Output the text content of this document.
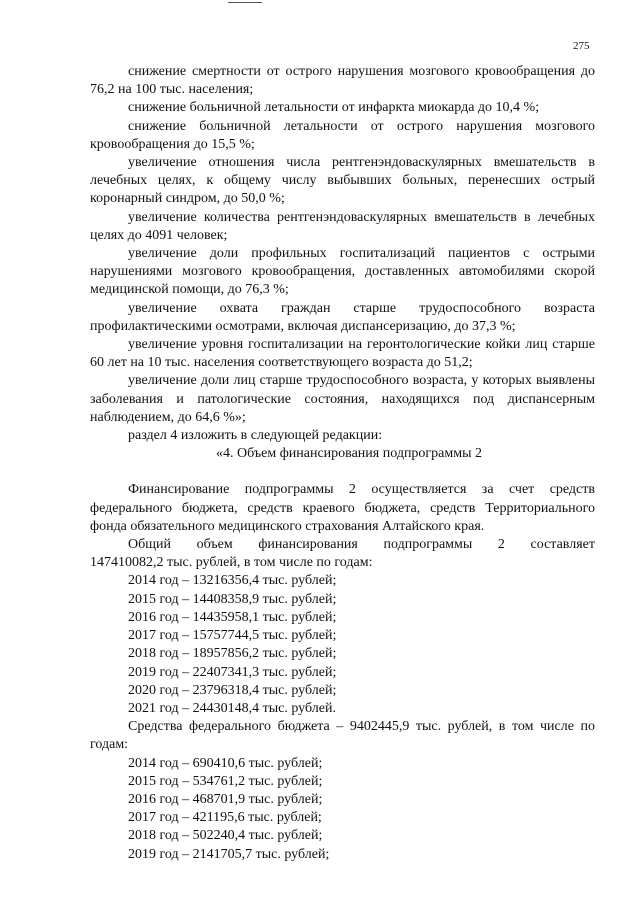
275

снижение смертности от острого нарушения мозгового кровообращения до 76,2 на 100 тыс. населения;

снижение больничной летальности от инфаркта миокарда до 10,4 %;

снижение больничной летальности от острого нарушения мозгового кровообращения до 15,5 %;

увеличение отношения числа рентгенэндоваскулярных вмешательств в лечебных целях, к общему числу выбывших больных, перенесших острый коронарный синдром, до 50,0 %;

увеличение количества рентгенэндоваскулярных вмешательств в лечебных целях до 4091 человек;

увеличение доли профильных госпитализаций пациентов с острыми нарушениями мозгового кровообращения, доставленных автомобилями скорой медицинской помощи, до 76,3 %;

увеличение охвата граждан старше трудоспособного возраста профилактическими осмотрами, включая диспансеризацию, до 37,3 %;

увеличение уровня госпитализации на геронтологические койки лиц старше 60 лет на 10 тыс. населения соответствующего возраста до 51,2;

увеличение доли лиц старше трудоспособного возраста, у которых выявлены заболевания и патологические состояния, находящихся под диспансерным наблюдением, до 64,6 %»;

раздел 4 изложить в следующей редакции:

«4. Объем финансирования подпрограммы 2

Финансирование подпрограммы 2 осуществляется за счет средств федерального бюджета, средств краевого бюджета, средств Территориального фонда обязательного медицинского страхования Алтайского края.

Общий объем финансирования подпрограммы 2 составляет

147410082,2 тыс. рублей, в том числе по годам:

2014 год – 13216356,4 тыс. рублей;
2015 год – 14408358,9 тыс. рублей;
2016 год – 14435958,1 тыс. рублей;
2017 год – 15757744,5 тыс. рублей;
2018 год – 18957856,2 тыс. рублей;
2019 год – 22407341,3 тыс. рублей;
2020 год – 23796318,4 тыс. рублей;
2021 год – 24430148,4 тыс. рублей.

Средства федерального бюджета – 9402445,9 тыс. рублей, в том числе по годам:

2014 год – 690410,6 тыс. рублей;
2015 год – 534761,2 тыс. рублей;
2016 год – 468701,9 тыс. рублей;
2017 год – 421195,6 тыс. рублей;
2018 год – 502240,4 тыс. рублей;
2019 год – 2141705,7 тыс. рублей;
